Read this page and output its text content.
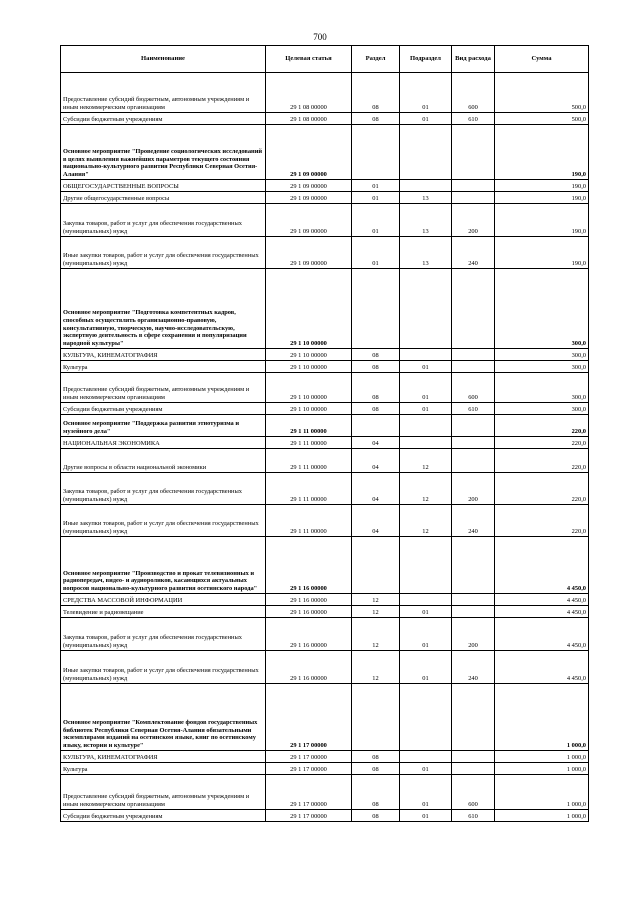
700
Наименование	Целевая статья	Раздел	Подраздел	Вид расхода	Сумма
Предоставление субсидий бюджетным, автономным учреждениям и иным некоммерческим организациям	29 1 08 00000	08	01	600	500,0
Субсидии бюджетным учреждениям	29 1 08 00000	08	01	610	500,0
Основное мероприятие "Проведение социологических исследований в целях выявления важнейших параметров текущего состояния национально-культурного развития Республики Северная Осетия-Алания"	29 1 09 00000				190,0
ОБЩЕГОСУДАРСТВЕННЫЕ ВОПРОСЫ	29 1 09 00000	01			190,0
Другие общегосударственные вопросы	29 1 09 00000	01	13		190,0
Закупка товаров, работ и услуг для обеспечения государственных (муниципальных) нужд	29 1 09 00000	01	13	200	190,0
Иные закупки товаров, работ и услуг для обеспечения государственных (муниципальных) нужд	29 1 09 00000	01	13	240	190,0
Основное мероприятие "Подготовка компетентных кадров, способных осуществлять организационно-правовую, консультативную, творческую, научно-исследовательскую, экспертную деятельность в сфере сохранения и популяризации народной культуры"	29 1 10 00000				300,0
КУЛЬТУРА, КИНЕМАТОГРАФИЯ	29 1 10 00000	08			300,0
Культура	29 1 10 00000	08	01		300,0
Предоставление субсидий бюджетным, автономным учреждениям и иным некоммерческим организациям	29 1 10 00000	08	01	600	300,0
Субсидии бюджетным учреждениям	29 1 10 00000	08	01	610	300,0
Основное мероприятие "Поддержка развития этнотуризма и музейного дела"	29 1 11 00000				220,0
НАЦИОНАЛЬНАЯ ЭКОНОМИКА	29 1 11 00000	04			220,0
Другие вопросы в области национальной экономики	29 1 11 00000	04	12		220,0
Закупка товаров, работ и услуг для обеспечения государственных (муниципальных) нужд	29 1 11 00000	04	12	200	220,0
Иные закупки товаров, работ и услуг для обеспечения государственных (муниципальных) нужд	29 1 11 00000	04	12	240	220,0
Основное мероприятие "Производство и прокат телевизионных и радиопередач, видео- и аудиороликов, касающихся актуальных вопросов национально-культурного развития осетинского народа"	29 1 16 00000				4 450,0
СРЕДСТВА МАССОВОЙ ИНФОРМАЦИИ	29 1 16 00000	12			4 450,0
Телевидение и радиовещание	29 1 16 00000	12	01		4 450,0
Закупка товаров, работ и услуг для обеспечения государственных (муниципальных) нужд	29 1 16 00000	12	01	200	4 450,0
Иные закупки товаров, работ и услуг для обеспечения государственных (муниципальных) нужд	29 1 16 00000	12	01	240	4 450,0
Основное мероприятие "Комплектование фондов государственных библиотек Республики Северная Осетия-Алания обязательными экземплярами изданий на осетинском языке, книг по осетинскому языку, истории и культуре"	29 1 17 00000				1 000,0
КУЛЬТУРА, КИНЕМАТОГРАФИЯ	29 1 17 00000	08			1 000,0
Культура	29 1 17 00000	08	01		1 000,0
Предоставление субсидий бюджетным, автономным учреждениям и иным некоммерческим организациям	29 1 17 00000	08	01	600	1 000,0
Субсидии бюджетным учреждениям	29 1 17 00000	08	01	610	1 000,0
